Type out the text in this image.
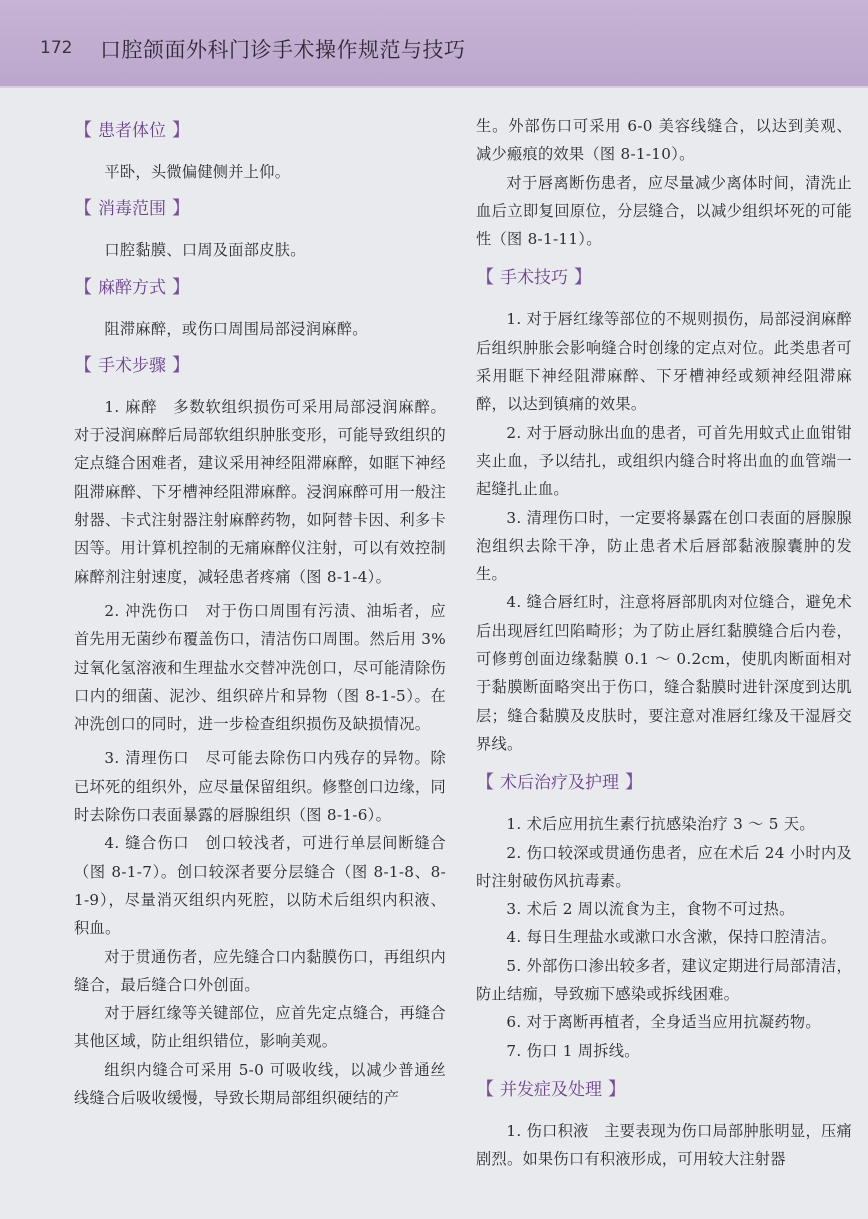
172 口腔颌面外科门诊手术操作规范与技巧
【 患者体位 】

平卧，头微偏健侧并上仰。

【 消毒范围 】

口腔黏膜、口周及面部皮肤。

【 麻醉方式 】

阻滞麻醉，或伤口周围局部浸润麻醉。

【 手术步骤 】

1. 麻醉　多数软组织损伤可采用局部浸润麻醉。对于浸润麻醉后局部软组织肿胀变形，可能导致组织的定点缝合困难者，建议采用神经阻滞麻醉，如眶下神经阻滞麻醉、下牙槽神经阻滞麻醉。浸润麻醉可用一般注射器、卡式注射器注射麻醉药物，如阿替卡因、利多卡因等。用计算机控制的无痛麻醉仪注射，可以有效控制麻醉剂注射速度，减轻患者疼痛（图 8-1-4）。

2. 冲洗伤口　对于伤口周围有污渍、油垢者，应首先用无菌纱布覆盖伤口，清洁伤口周围。然后用 3%过氧化氢溶液和生理盐水交替冲洗创口，尽可能清除伤口内的细菌、泥沙、组织碎片和异物（图 8-1-5）。在冲洗创口的同时，进一步检查组织损伤及缺损情况。

3. 清理伤口　尽可能去除伤口内残存的异物。除已坏死的组织外，应尽量保留组织。修整创口边缘，同时去除伤口表面暴露的唇腺组织（图 8-1-6）。

4. 缝合伤口　创口较浅者，可进行单层间断缝合（图 8-1-7）。创口较深者要分层缝合（图 8-1-8、8-1-9），尽量消灭组织内死腔，以防术后组织内积液、积血。

对于贯通伤者，应先缝合口内黏膜伤口，再组织内缝合，最后缝合口外创面。

对于唇红缘等关键部位，应首先定点缝合，再缝合其他区域，防止组织错位，影响美观。

组织内缝合可采用 5-0 可吸收线，以减少普通丝线缝合后吸收缓慢，导致长期局部组织硬结的产

生。外部伤口可采用 6-0 美容线缝合，以达到美观、减少瘢痕的效果（图 8-1-10）。

对于唇离断伤患者，应尽量减少离体时间，清洗止血后立即复回原位，分层缝合，以减少组织坏死的可能性（图 8-1-11）。

【 手术技巧 】

1. 对于唇红缘等部位的不规则损伤，局部浸润麻醉后组织肿胀会影响缝合时创缘的定点对位。此类患者可采用眶下神经阻滞麻醉、下牙槽神经或颏神经阻滞麻醉，以达到镇痛的效果。

2. 对于唇动脉出血的患者，可首先用蚊式止血钳钳夹止血，予以结扎，或组织内缝合时将出血的血管端一起缝扎止血。

3. 清理伤口时，一定要将暴露在创口表面的唇腺腺泡组织去除干净，防止患者术后唇部黏液腺囊肿的发生。

4. 缝合唇红时，注意将唇部肌肉对位缝合，避免术后出现唇红凹陷畸形；为了防止唇红黏膜缝合后内卷，可修剪创面边缘黏膜 0.1 ～ 0.2cm，使肌肉断面相对于黏膜断面略突出于伤口，缝合黏膜时进针深度到达肌层；缝合黏膜及皮肤时，要注意对准唇红缘及干湿唇交界线。

【 术后治疗及护理 】

1. 术后应用抗生素行抗感染治疗 3 ～ 5 天。

2. 伤口较深或贯通伤患者，应在术后 24 小时内及时注射破伤风抗毒素。

3. 术后 2 周以流食为主，食物不可过热。

4. 每日生理盐水或漱口水含漱，保持口腔清洁。

5. 外部伤口渗出较多者，建议定期进行局部清洁，防止结痂，导致痂下感染或拆线困难。

6. 对于离断再植者，全身适当应用抗凝药物。

7. 伤口 1 周拆线。

【 并发症及处理 】

1. 伤口积液　主要表现为伤口局部肿胀明显，压痛剧烈。如果伤口有积液形成，可用较大注射器
